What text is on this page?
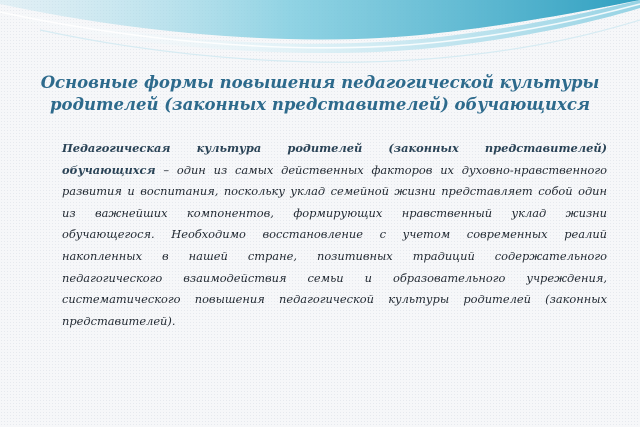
Основные формы повышения педагогической культуры родителей (законных представителей) обучающихся

Педагогическая культура родителей (законных представителей) обучающихся – один из самых действенных факторов их духовно-нравственного развития и воспитания, поскольку уклад семейной жизни представляет собой один из важнейших компонентов, формирующих нравственный уклад жизни обучающегося. Необходимо восстановление с учетом современных реалий накопленных в нашей стране, позитивных традиций содержательного педагогического взаимодействия семьи и образовательного учреждения, систематического повышения педагогической культуры родителей (законных представителей).
